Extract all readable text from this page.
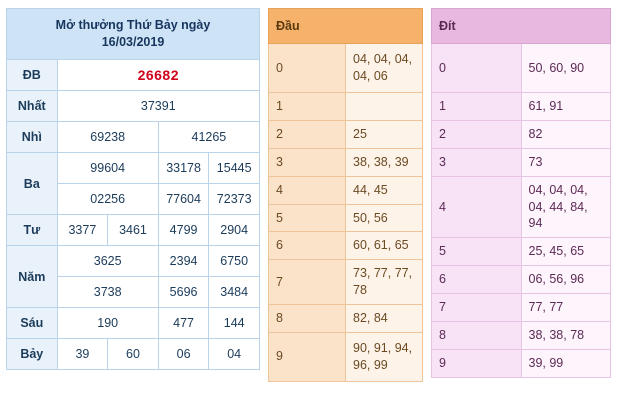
Mở thưởng Thứ Bảy ngày
16/03/2019				
ĐB	26682			
Nhất	37391			
Nhì	69238		41265	
Ba	99604		33178	15445
	02256		77604	72373
Tư	3377	3461	4799	2904
Năm	3625		2394	6750
	3738		5696	3484
Sáu	190		477	144
Bảy	39	60	06	04
Đầu	
0	04, 04, 04, 04, 06
1	
2	25
3	38, 38, 39
4	44, 45
5	50, 56
6	60, 61, 65
7	73, 77, 77, 78
8	82, 84
9	90, 91, 94, 96, 99
Đít	
0	50, 60, 90
1	61, 91
2	82
3	73
4	04, 04, 04, 04, 44, 84, 94
5	25, 45, 65
6	06, 56, 96
7	77, 77
8	38, 38, 78
9	39, 99
